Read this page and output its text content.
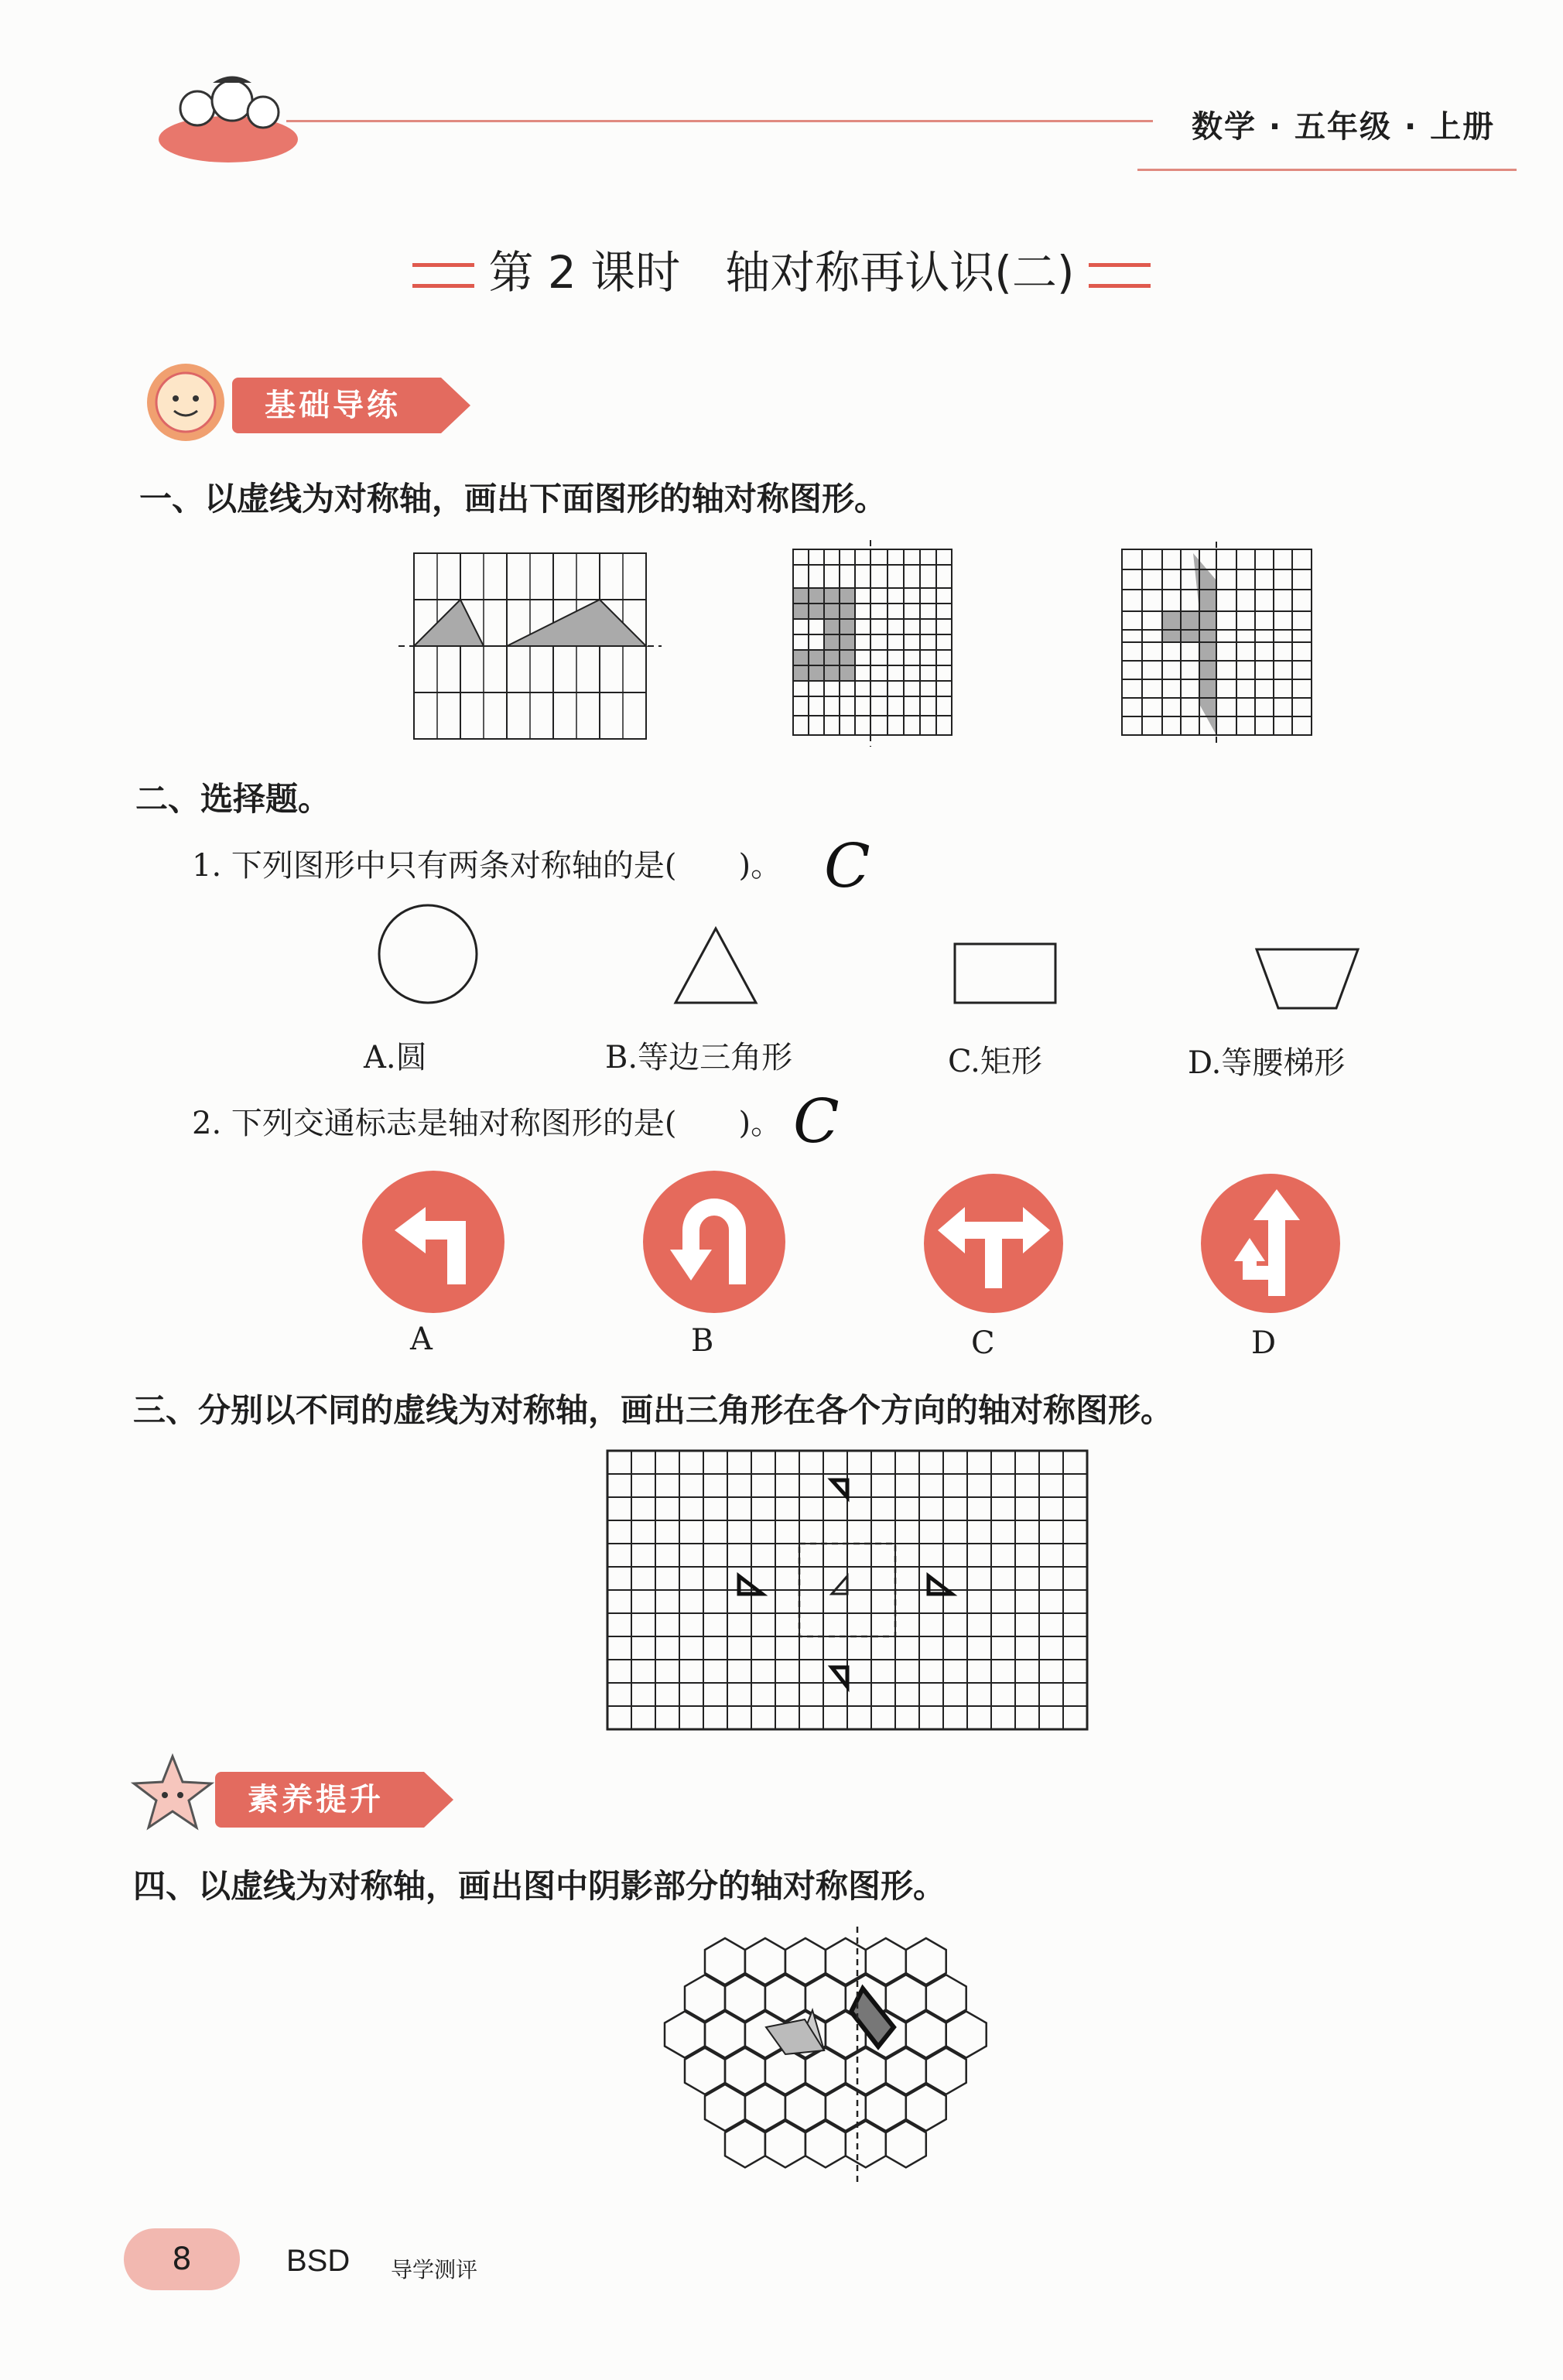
数学 · 五年级 · 上册
第 2 课时　轴对称再认识(二)
基础导练
一、以虚线为对称轴，画出下面图形的轴对称图形。
二、选择题。
1. 下列图形中只有两条对称轴的是(　　)。 C
A.圆	B.等边三角形	C.矩形	D.等腰梯形
2. 下列交通标志是轴对称图形的是(　　)。 C
A	B	C	D
三、分别以不同的虚线为对称轴，画出三角形在各个方向的轴对称图形。
素养提升
四、以虚线为对称轴，画出图中阴影部分的轴对称图形。
8	BSD 导学测评
